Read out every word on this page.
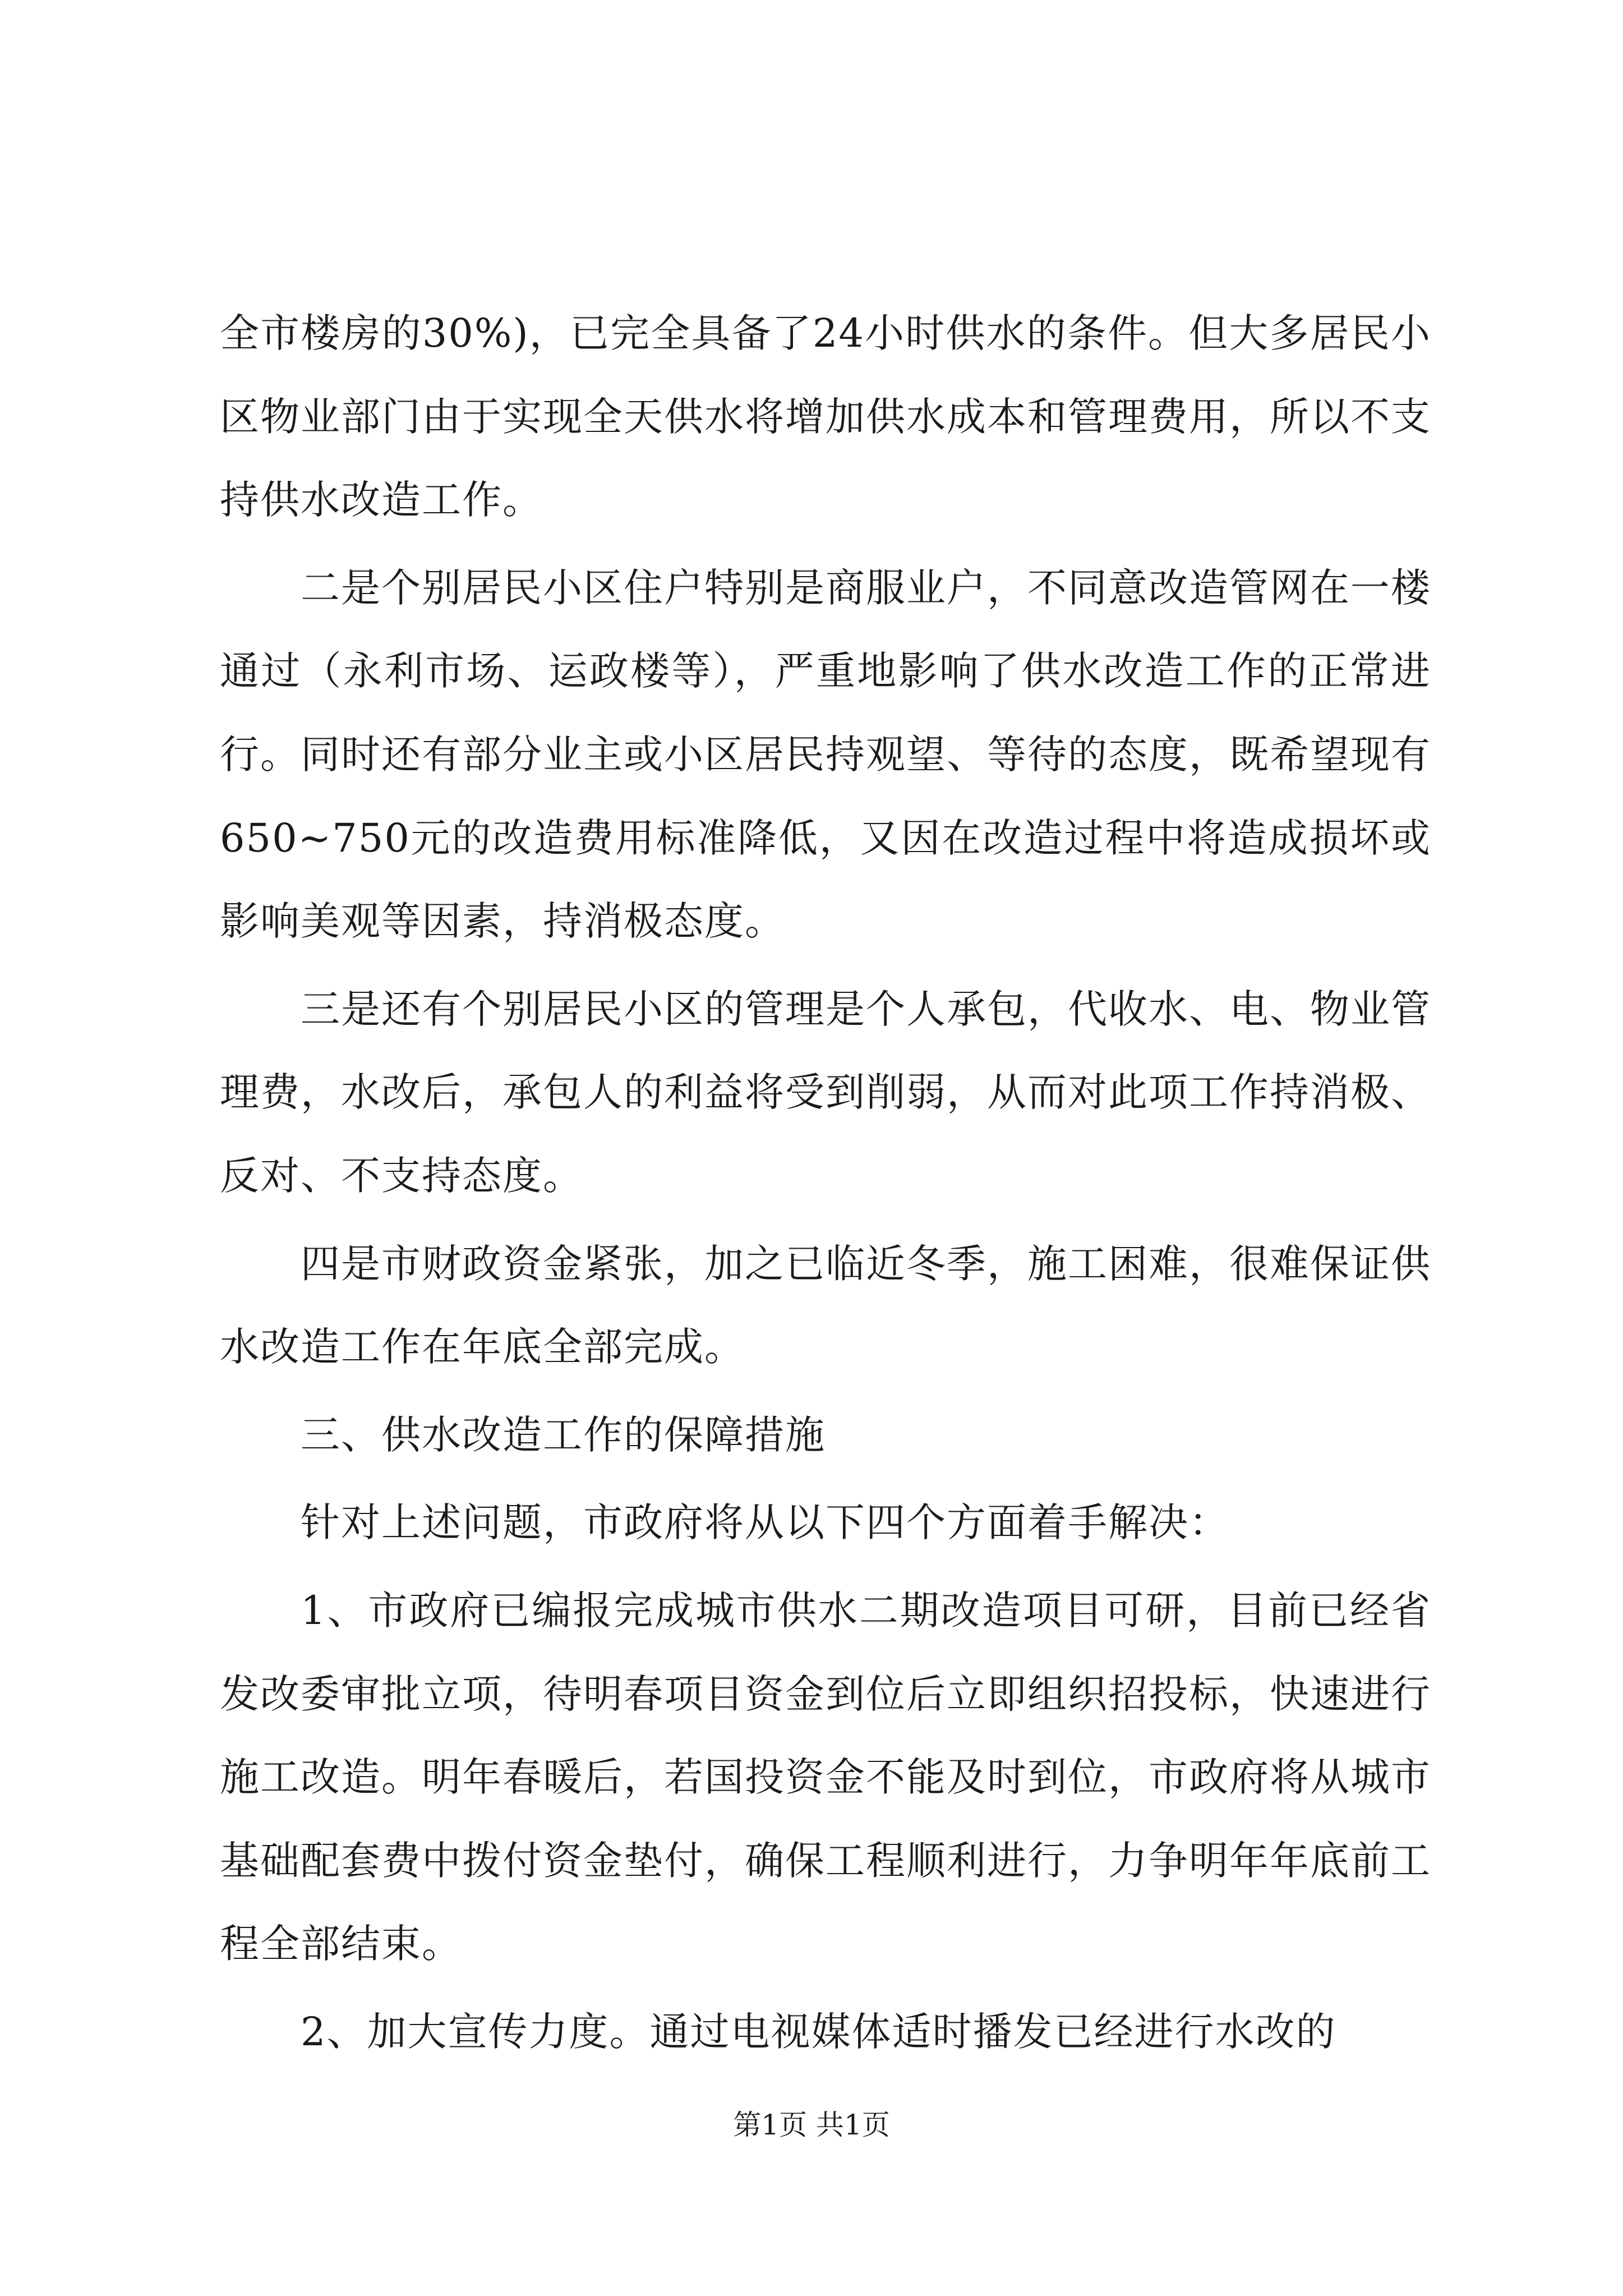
全市楼房的30%)，已完全具备了24小时供水的条件。但大多居民小区物业部门由于实现全天供水将增加供水成本和管理费用，所以不支持供水改造工作。

二是个别居民小区住户特别是商服业户，不同意改造管网在一楼通过（永利市场、运政楼等），严重地影响了供水改造工作的正常进行。同时还有部分业主或小区居民持观望、等待的态度，既希望现有650~750元的改造费用标准降低，又因在改造过程中将造成损坏或影响美观等因素，持消极态度。

三是还有个别居民小区的管理是个人承包，代收水、电、物业管理费，水改后，承包人的利益将受到削弱，从而对此项工作持消极、反对、不支持态度。

四是市财政资金紧张，加之已临近冬季，施工困难，很难保证供水改造工作在年底全部完成。

三、供水改造工作的保障措施

针对上述问题，市政府将从以下四个方面着手解决：

1、市政府已编报完成城市供水二期改造项目可研，目前已经省发改委审批立项，待明春项目资金到位后立即组织招投标，快速进行施工改造。明年春暖后，若国投资金不能及时到位，市政府将从城市基础配套费中拨付资金垫付，确保工程顺利进行，力争明年年底前工程全部结束。

2、加大宣传力度。通过电视媒体适时播发已经进行水改的

第1页 共1页
